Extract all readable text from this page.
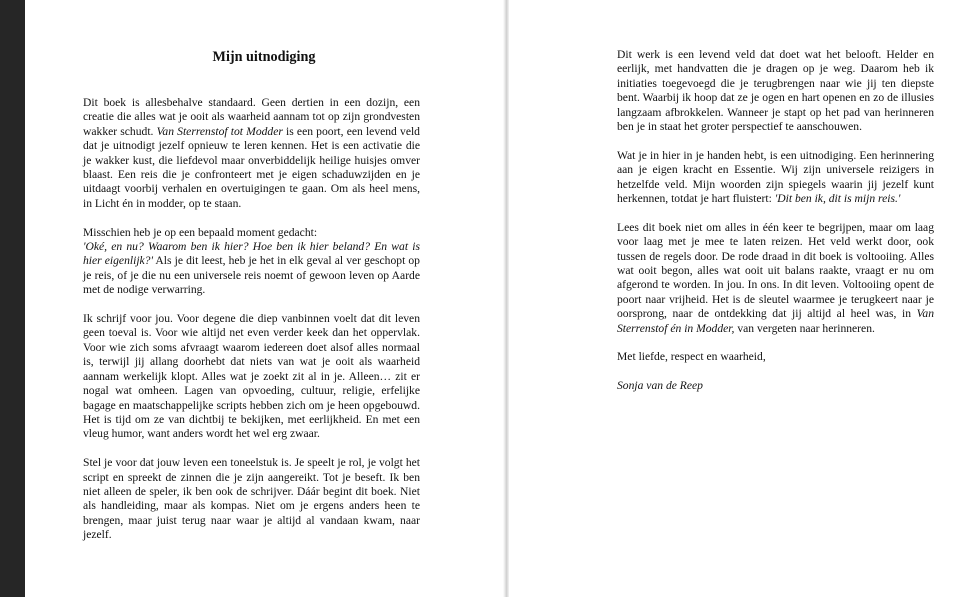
Mijn uitnodiging

Dit boek is allesbehalve standaard. Geen dertien in een dozijn, een creatie die alles wat je ooit als waarheid aannam tot op zijn grondvesten wakker schudt. Van Sterrenstof tot Modder is een poort, een levend veld dat je uitnodigt jezelf opnieuw te leren kennen. Het is een activatie die je wakker kust, die liefdevol maar onverbiddelijk heilige huisjes omver blaast. Een reis die je confronteert met je eigen schaduwzijden en je uitdaagt voorbij verhalen en overtuigingen te gaan. Om als heel mens, in Licht én in modder, op te staan.

Misschien heb je op een bepaald moment gedacht:
'Oké, en nu? Waarom ben ik hier? Hoe ben ik hier beland? En wat is hier eigenlijk?' Als je dit leest, heb je het in elk geval al ver geschopt op je reis, of je die nu een universele reis noemt of gewoon leven op Aarde met de nodige verwarring.

Ik schrijf voor jou. Voor degene die diep vanbinnen voelt dat dit leven geen toeval is. Voor wie altijd net even verder keek dan het oppervlak. Voor wie zich soms afvraagt waarom iedereen doet alsof alles normaal is, terwijl jij allang doorhebt dat niets van wat je ooit als waarheid aannam werkelijk klopt. Alles wat je zoekt zit al in je. Alleen… zit er nogal wat omheen. Lagen van opvoeding, cultuur, religie, erfelijke bagage en maatschappelijke scripts hebben zich om je heen opgebouwd. Het is tijd om ze van dichtbij te bekijken, met eerlijkheid. En met een vleug humor, want anders wordt het wel erg zwaar.

Stel je voor dat jouw leven een toneelstuk is. Je speelt je rol, je volgt het script en spreekt de zinnen die je zijn aangereikt. Tot je beseft. Ik ben niet alleen de speler, ik ben ook de schrijver. Dáár begint dit boek. Niet als handleiding, maar als kompas. Niet om je ergens anders heen te brengen, maar juist terug naar waar je altijd al vandaan kwam, naar jezelf.

Dit werk is een levend veld dat doet wat het belooft. Helder en eerlijk, met handvatten die je dragen op je weg. Daarom heb ik initiaties toegevoegd die je terugbrengen naar wie jij ten diepste bent. Waarbij ik hoop dat ze je ogen en hart openen en zo de illusies langzaam afbrokkelen. Wanneer je stapt op het pad van herinneren ben je in staat het groter perspectief te aanschouwen.

Wat je in hier in je handen hebt, is een uitnodiging. Een herinnering aan je eigen kracht en Essentie. Wij zijn universele reizigers in hetzelfde veld. Mijn woorden zijn spiegels waarin jij jezelf kunt herkennen, totdat je hart fluistert: 'Dit ben ik, dit is mijn reis.'

Lees dit boek niet om alles in één keer te begrijpen, maar om laag voor laag met je mee te laten reizen. Het veld werkt door, ook tussen de regels door. De rode draad in dit boek is voltooiing. Alles wat ooit begon, alles wat ooit uit balans raakte, vraagt er nu om afgerond te worden. In jou. In ons. In dit leven. Voltooiing opent de poort naar vrijheid. Het is de sleutel waarmee je terugkeert naar je oorsprong, naar de ontdekking dat jij altijd al heel was, in Van Sterrenstof én in Modder, van vergeten naar herinneren.

Met liefde, respect en waarheid,

Sonja van de Reep
